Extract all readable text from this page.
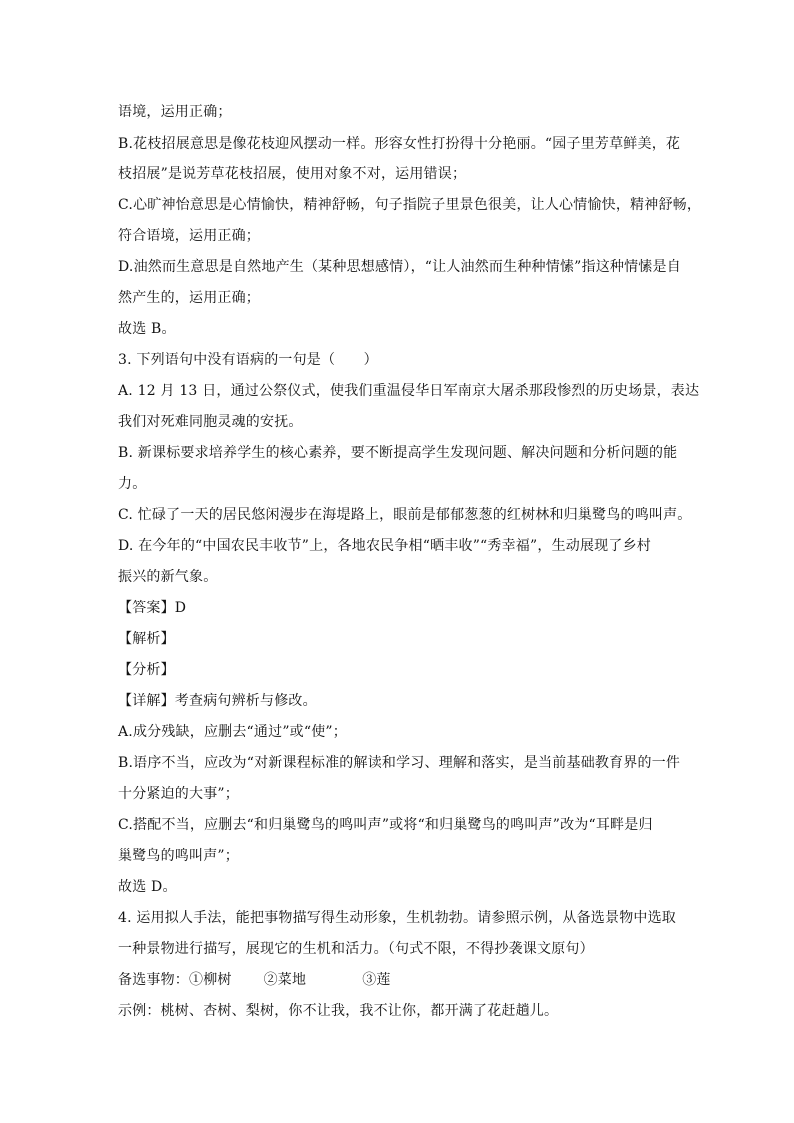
语境，运用正确；
B.花枝招展意思是像花枝迎风摆动一样。形容女性打扮得十分艳丽。“园子里芳草鲜美，花
枝招展”是说芳草花枝招展，使用对象不对，运用错误；
C.心旷神怡意思是心情愉快，精神舒畅，句子指院子里景色很美，让人心情愉快，精神舒畅，
符合语境，运用正确；
D.油然而生意思是自然地产生（某种思想感情），“让人油然而生种种情愫”指这种情愫是自
然产生的，运用正确；
故选 B。
3. 下列语句中没有语病的一句是（　　）
A. 12 月 13 日，通过公祭仪式，使我们重温侵华日军南京大屠杀那段惨烈的历史场景，表达
我们对死难同胞灵魂的安抚。
B. 新课标要求培养学生的核心素养，要不断提高学生发现问题、解决问题和分析问题的能
力。
C. 忙碌了一天的居民悠闲漫步在海堤路上，眼前是郁郁葱葱的红树林和归巢鹭鸟的鸣叫声。
D. 在今年的“中国农民丰收节”上，各地农民争相“晒丰收”“秀幸福”，生动展现了乡村
振兴的新气象。
【答案】D
【解析】
【分析】
【详解】考查病句辨析与修改。
A.成分残缺，应删去“通过”或“使”；
B.语序不当，应改为“对新课程标准的解读和学习、理解和落实，是当前基础教育界的一件
十分紧迫的大事”；
C.搭配不当，应删去“和归巢鹭鸟的鸣叫声”或将“和归巢鹭鸟的鸣叫声”改为“耳畔是归
巢鹭鸟的鸣叫声”；
故选 D。
4. 运用拟人手法，能把事物描写得生动形象，生机勃勃。请参照示例，从备选景物中选取
一种景物进行描写，展现它的生机和活力。（句式不限，不得抄袭课文原句）
备选事物：①柳树 ②菜地	③莲
示例：桃树、杏树、梨树，你不让我，我不让你，都开满了花赶趟儿。
